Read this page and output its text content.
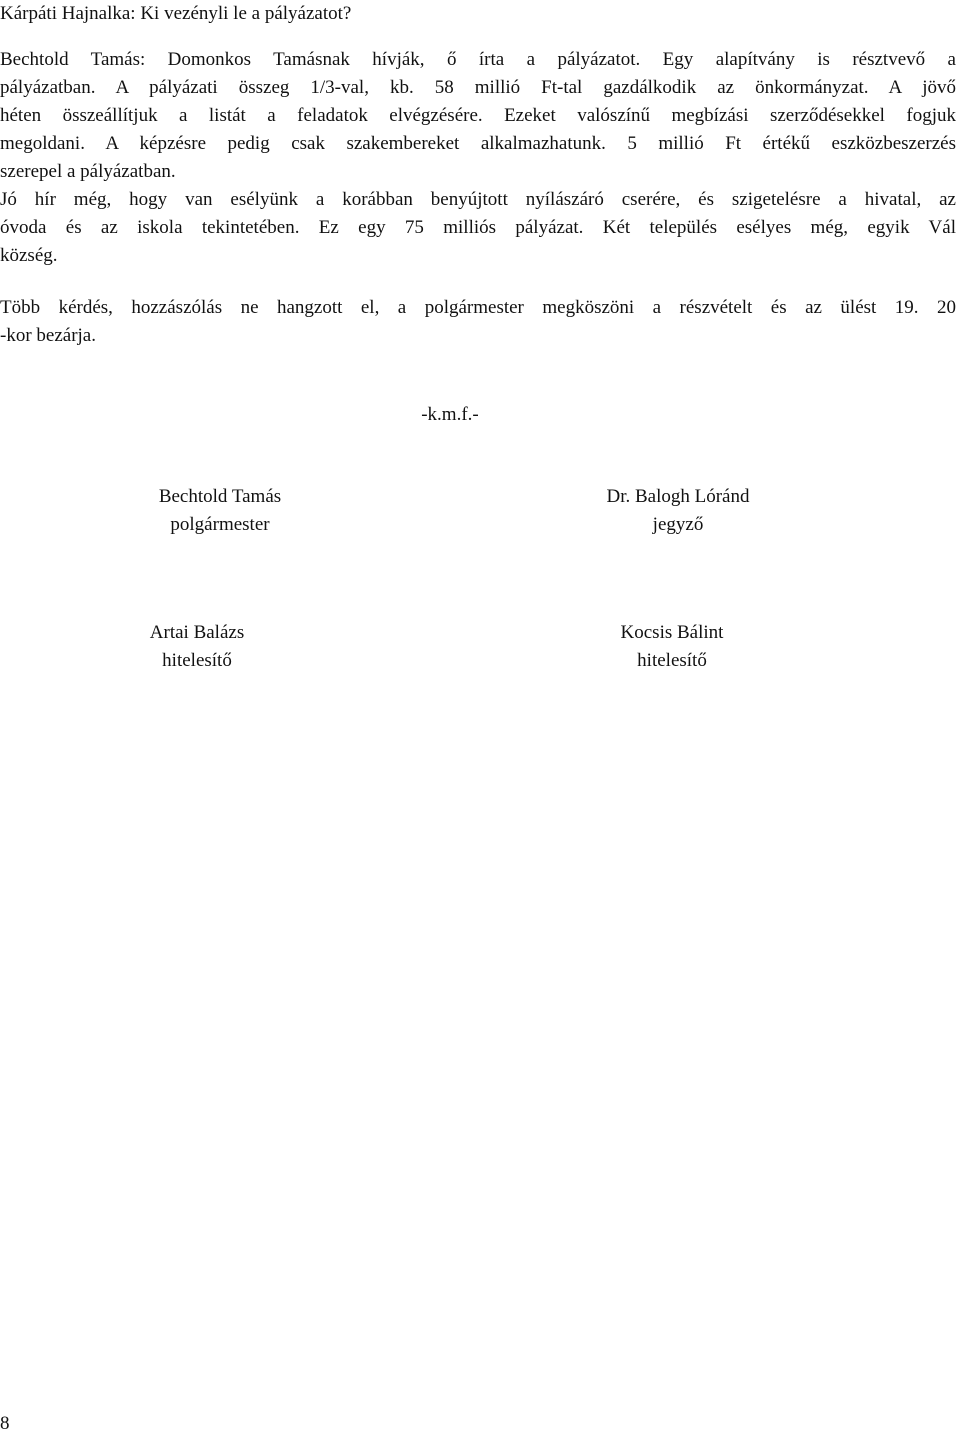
Kárpáti Hajnalka: Ki vezényli le a pályázatot?

Bechtold Tamás: Domonkos Tamásnak hívják, ő írta a pályázatot. Egy alapítvány is résztvevő a
pályázatban. A pályázati összeg 1/3-val, kb. 58 millió Ft-tal gazdálkodik az önkormányzat. A jövő
héten összeállítjuk a listát a feladatok elvégzésére. Ezeket valószínű megbízási szerződésekkel fogjuk
megoldani. A képzésre pedig csak szakembereket alkalmazhatunk. 5 millió Ft értékű eszközbeszerzés
szerepel a pályázatban.
Jó hír még, hogy van esélyünk a korábban benyújtott nyílászáró cserére, és szigetelésre a hivatal, az
óvoda és az iskola tekintetében. Ez egy 75 milliós pályázat. Két település esélyes még, egyik Vál
község.

Több kérdés, hozzászólás ne hangzott el, a polgármester megköszöni a részvételt és az ülést 19. 20
-kor bezárja.

-k.m.f.-
Bechtold Tamás
polgármester
Dr. Balogh Lóránd
jegyző
Artai Balázs
hitelesítő
Kocsis Bálint
hitelesítő
8
